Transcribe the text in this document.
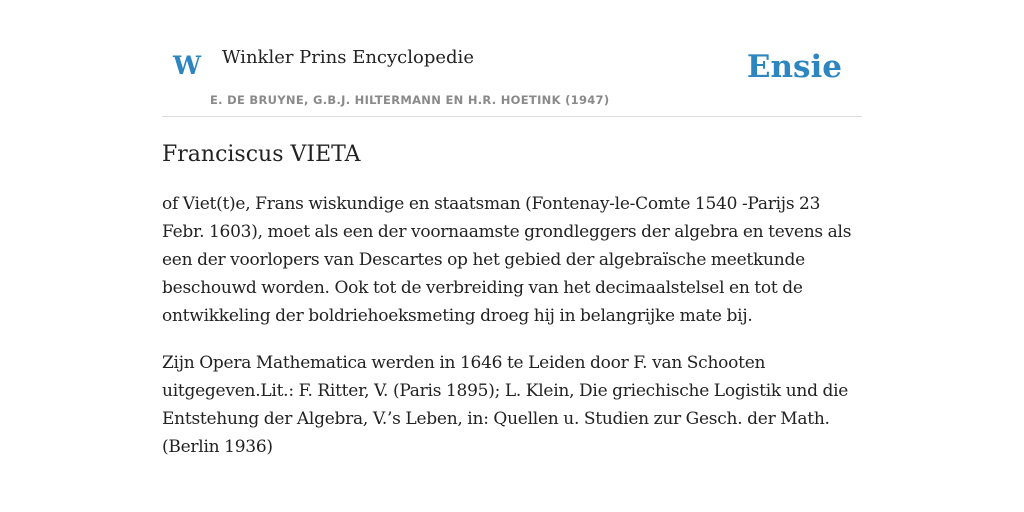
W Winkler Prins Encyclopedie
E. DE BRUYNE, G.B.J. HILTERMANN EN H.R. HOETINK (1947)
Ensie
Franciscus VIETA
of Viet(t)e, Frans wiskundige en staatsman (Fontenay-le-Comte 1540 -Parijs 23
Febr. 1603), moet als een der voornaamste grondleggers der algebra en tevens als
een der voorlopers van Descartes op het gebied der algebraïsche meetkunde
beschouwd worden. Ook tot de verbreiding van het decimaalstelsel en tot de
ontwikkeling der boldriehoeksmeting droeg hij in belangrijke mate bij.
Zijn Opera Mathematica werden in 1646 te Leiden door F. van Schooten
uitgegeven.Lit.: F. Ritter, V. (Paris 1895); L. Klein, Die griechische Logistik und die
Entstehung der Algebra, V.’s Leben, in: Quellen u. Studien zur Gesch. der Math.
(Berlin 1936)
